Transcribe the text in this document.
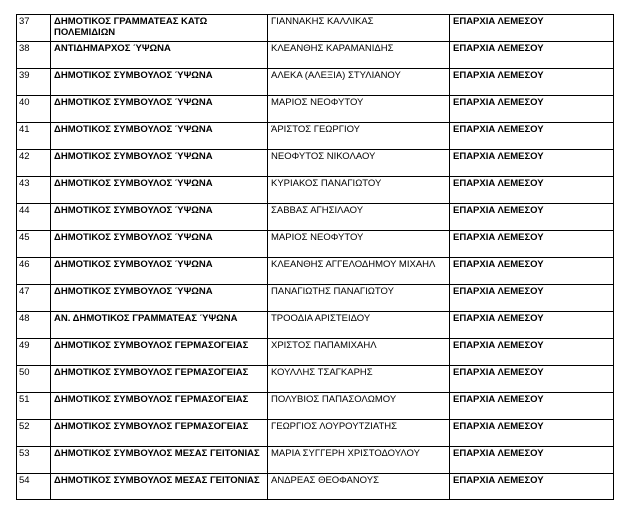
37	ΔΗΜΟΤΙΚΟΣ ΓΡΑΜΜΑΤΕΑΣ ΚΑΤΩ ΠΟΛΕΜΙΔΙΩΝ	ΓΙΑΝΝΑΚΗΣ ΚΑΛΛΙΚΑΣ	ΕΠΑΡΧΙΑ ΛΕΜΕΣΟΥ
38	ΑΝΤΙΔΗΜΑΡΧΟΣ ΎΨΩΝΑ	ΚΛΕΑΝΘΗΣ ΚΑΡΑΜΑΝΙΔΗΣ	ΕΠΑΡΧΙΑ ΛΕΜΕΣΟΥ
39	ΔΗΜΟΤΙΚΟΣ ΣΥΜΒΟΥΛΟΣ ΎΨΩΝΑ	ΑΛΕΚΑ (ΑΛΕΞΙΑ) ΣΤΥΛΙΑΝΟΥ	ΕΠΑΡΧΙΑ ΛΕΜΕΣΟΥ
40	ΔΗΜΟΤΙΚΟΣ ΣΥΜΒΟΥΛΟΣ ΎΨΩΝΑ	ΜΑΡΙΟΣ ΝΕΟΦΥΤΟΥ	ΕΠΑΡΧΙΑ ΛΕΜΕΣΟΥ
41	ΔΗΜΟΤΙΚΟΣ ΣΥΜΒΟΥΛΟΣ ΎΨΩΝΑ	ΆΡΙΣΤΟΣ ΓΕΩΡΓΙΟΥ	ΕΠΑΡΧΙΑ ΛΕΜΕΣΟΥ
42	ΔΗΜΟΤΙΚΟΣ ΣΥΜΒΟΥΛΟΣ ΎΨΩΝΑ	ΝΕΟΦΥΤΟΣ ΝΙΚΟΛΑΟΥ	ΕΠΑΡΧΙΑ ΛΕΜΕΣΟΥ
43	ΔΗΜΟΤΙΚΟΣ ΣΥΜΒΟΥΛΟΣ ΎΨΩΝΑ	ΚΥΡΙΑΚΟΣ ΠΑΝΑΓΙΩΤΟΥ	ΕΠΑΡΧΙΑ ΛΕΜΕΣΟΥ
44	ΔΗΜΟΤΙΚΟΣ ΣΥΜΒΟΥΛΟΣ ΎΨΩΝΑ	ΣΑΒΒΑΣ ΑΓΗΣΙΛΑΟΥ	ΕΠΑΡΧΙΑ ΛΕΜΕΣΟΥ
45	ΔΗΜΟΤΙΚΟΣ ΣΥΜΒΟΥΛΟΣ ΎΨΩΝΑ	ΜΑΡΙΟΣ ΝΕΟΦΥΤΟΥ	ΕΠΑΡΧΙΑ ΛΕΜΕΣΟΥ
46	ΔΗΜΟΤΙΚΟΣ ΣΥΜΒΟΥΛΟΣ ΎΨΩΝΑ	ΚΛΕΑΝΘΗΣ ΑΓΓΕΛΟΔΗΜΟΥ ΜΙΧΑΗΛ	ΕΠΑΡΧΙΑ ΛΕΜΕΣΟΥ
47	ΔΗΜΟΤΙΚΟΣ ΣΥΜΒΟΥΛΟΣ ΎΨΩΝΑ	ΠΑΝΑΓΙΩΤΗΣ ΠΑΝΑΓΙΩΤΟΥ	ΕΠΑΡΧΙΑ ΛΕΜΕΣΟΥ
48	ΑΝ. ΔΗΜΟΤΙΚΟΣ ΓΡΑΜΜΑΤΕΑΣ ΎΨΩΝΑ	ΤΡΟΟΔΙΑ ΑΡΙΣΤΕΙΔΟΥ	ΕΠΑΡΧΙΑ ΛΕΜΕΣΟΥ
49	ΔΗΜΟΤΙΚΟΣ ΣΥΜΒΟΥΛΟΣ ΓΕΡΜΑΣΟΓΕΙΑΣ	ΧΡΙΣΤΟΣ ΠΑΠΑΜΙΧΑΗΛ	ΕΠΑΡΧΙΑ ΛΕΜΕΣΟΥ
50	ΔΗΜΟΤΙΚΟΣ ΣΥΜΒΟΥΛΟΣ ΓΕΡΜΑΣΟΓΕΙΑΣ	ΚΟΥΛΛΗΣ ΤΣΑΓΚΑΡΗΣ	ΕΠΑΡΧΙΑ ΛΕΜΕΣΟΥ
51	ΔΗΜΟΤΙΚΟΣ ΣΥΜΒΟΥΛΟΣ ΓΕΡΜΑΣΟΓΕΙΑΣ	ΠΟΛΥΒΙΟΣ ΠΑΠΑΣΟΛΩΜΟΥ	ΕΠΑΡΧΙΑ ΛΕΜΕΣΟΥ
52	ΔΗΜΟΤΙΚΟΣ ΣΥΜΒΟΥΛΟΣ ΓΕΡΜΑΣΟΓΕΙΑΣ	ΓΕΩΡΓΙΟΣ ΛΟΥΡΟΥΤΖΙΑΤΗΣ	ΕΠΑΡΧΙΑ ΛΕΜΕΣΟΥ
53	ΔΗΜΟΤΙΚΟΣ ΣΥΜΒΟΥΛΟΣ ΜΕΣΑΣ ΓΕΙΤΟΝΙΑΣ	ΜΑΡΙΑ ΣΥΓΓΕΡΗ ΧΡΙΣΤΟΔΟΥΛΟΥ	ΕΠΑΡΧΙΑ ΛΕΜΕΣΟΥ
54	ΔΗΜΟΤΙΚΟΣ ΣΥΜΒΟΥΛΟΣ ΜΕΣΑΣ ΓΕΙΤΟΝΙΑΣ	ΑΝΔΡΕΑΣ ΘΕΟΦΑΝΟΥΣ	ΕΠΑΡΧΙΑ ΛΕΜΕΣΟΥ
